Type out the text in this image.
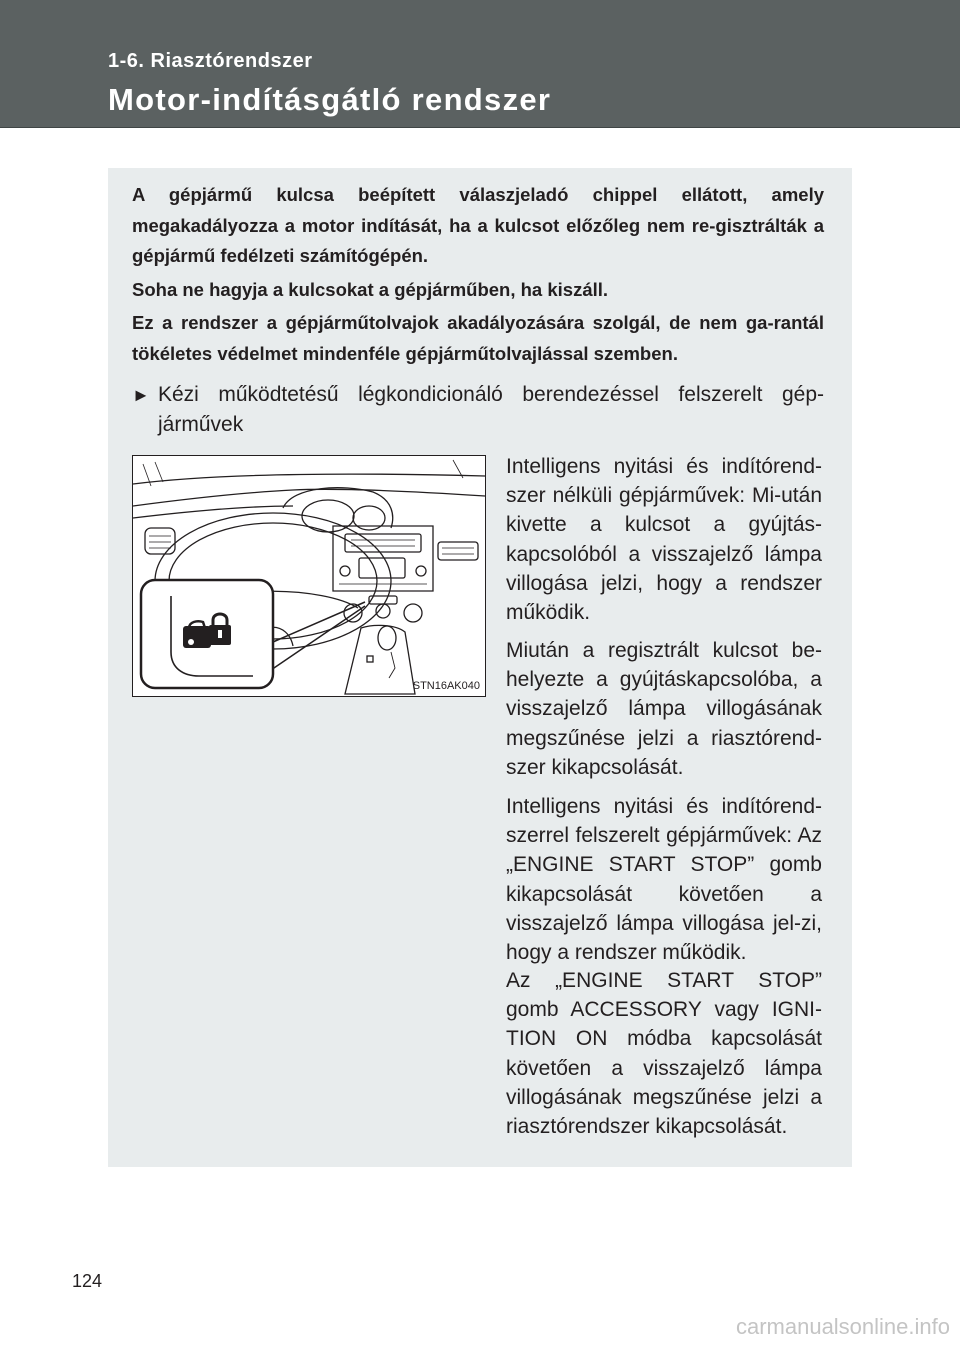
1-6. Riasztórendszer
Motor-indításgátló rendszer

A gépjármű kulcsa beépített válaszjeladó chippel ellátott, amely megakadályozza a motor indítását, ha a kulcsot előzőleg nem re-gisztrálták a gépjármű fedélzeti számítógépén.

Soha ne hagyja a kulcsokat a gépjárműben, ha kiszáll.

Ez a rendszer a gépjárműtolvajok akadályozására szolgál, de nem ga-rantál tökéletes védelmet mindenféle gépjárműtolvajlással szemben.

► Kézi működtetésű légkondicionáló berendezéssel felszerelt gép-járművek
STN16AK040

Intelligens nyitási és indítórend-szer nélküli gépjárművek: Mi-után kivette a kulcsot a gyújtás-kapcsolóból a visszajelző lámpa villogása jelzi, hogy a rendszer működik.

Miután a regisztrált kulcsot be-helyezte a gyújtáskapcsolóba, a visszajelző lámpa villogásának megszűnése jelzi a riasztórend-szer kikapcsolását.

Intelligens nyitási és indítórend-szerrel felszerelt gépjárművek: Az „ENGINE START STOP” gomb kikapcsolását követően a visszajelző lámpa villogása jel-zi, hogy a rendszer működik.

Az „ENGINE START STOP” gomb ACCESSORY vagy IGNI-TION ON módba kapcsolását követően a visszajelző lámpa villogásának megszűnése jelzi a riasztórendszer kikapcsolását.

124
carmanualsonline.info
